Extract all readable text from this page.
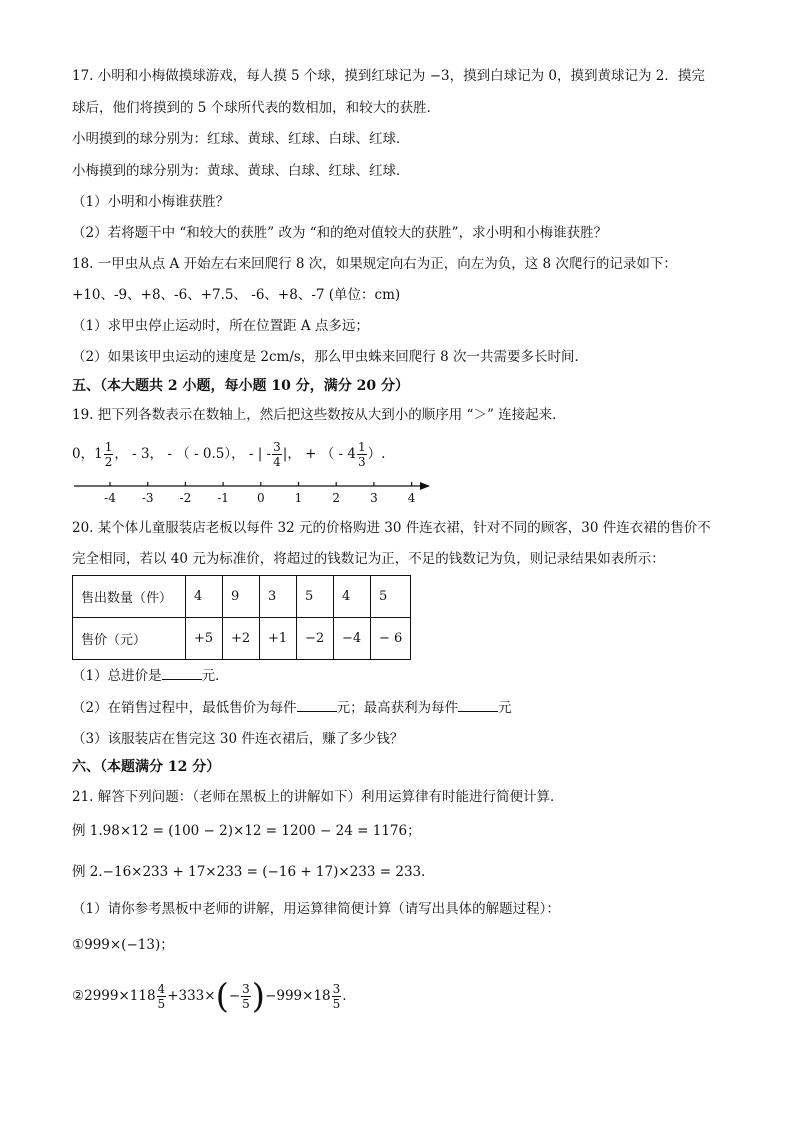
17. 小明和小梅做摸球游戏，每人摸 5 个球，摸到红球记为 −3，摸到白球记为 0，摸到黄球记为 2．摸完
球后，他们将摸到的 5 个球所代表的数相加，和较大的获胜．
小明摸到的球分别为：红球、黄球、红球、白球、红球．
小梅摸到的球分别为：黄球、黄球、白球、红球、红球．
（1）小明和小梅谁获胜？
（2）若将题干中 “和较大的获胜” 改为 “和的绝对值较大的获胜”，求小明和小梅谁获胜？
18. 一甲虫从点 A 开始左右来回爬行 8 次，如果规定向右为正，向左为负，这 8 次爬行的记录如下：
+10、-9、+8、-6、+7.5、 -6、+8、-7 (单位：cm)
（1）求甲虫停止运动时，所在位置距 A 点多远；
（2）如果该甲虫运动的速度是 2cm/s，那么甲虫蛛来回爬行 8 次一共需要多长时间．
五、（本大题共 2 小题，每小题 10 分，满分 20 分）
19. 把下列各数表示在数轴上，然后把这些数按从大到小的顺序用 “＞” 连接起来．
0，$1 \frac{1}{2}$ ， - 3， - （ - 0.5）， - | - $\frac{3}{4}$ |， + （ - $4 \frac{1}{3}$ ）.
-4 -3 -2 -1 0	1	2	3	4
20. 某个体儿童服装店老板以每件 32 元的价格购进 30 件连衣裙，针对不同的顾客，30 件连衣裙的售价不
完全相同，若以 40 元为标准价，将超过的钱数记为正，不足的钱数记为负，则记录结果如表所示：
售出数量（件）	4	9	3	5	4	5
售价（元）	+5	+2	+1	−2	−4	− 6
（1）总进价是	元．
（2）在销售过程中，最低售价为每件	元；最高获利为每件	元
（3）该服装店在售完这 30 件连衣裙后，赚了多少钱？
六、（本题满分 12 分）
21. 解答下列问题：（老师在黑板上的讲解如下）利用运算律有时能进行简便计算．
例 1.98×12 = (100 − 2)×12 = 1200 − 24 = 1176；
例 2.−16×233 + 17×233 = (−16 + 17)×233 = 233．
（1）请你参考黑板中老师的讲解，用运算律简便计算（请写出具体的解题过程）：
①999×(−13)；
②2999×118 $\frac{4}{5} +333\times(- \frac{3}{5} )-999\times 18 \frac{3}{5}$ .
